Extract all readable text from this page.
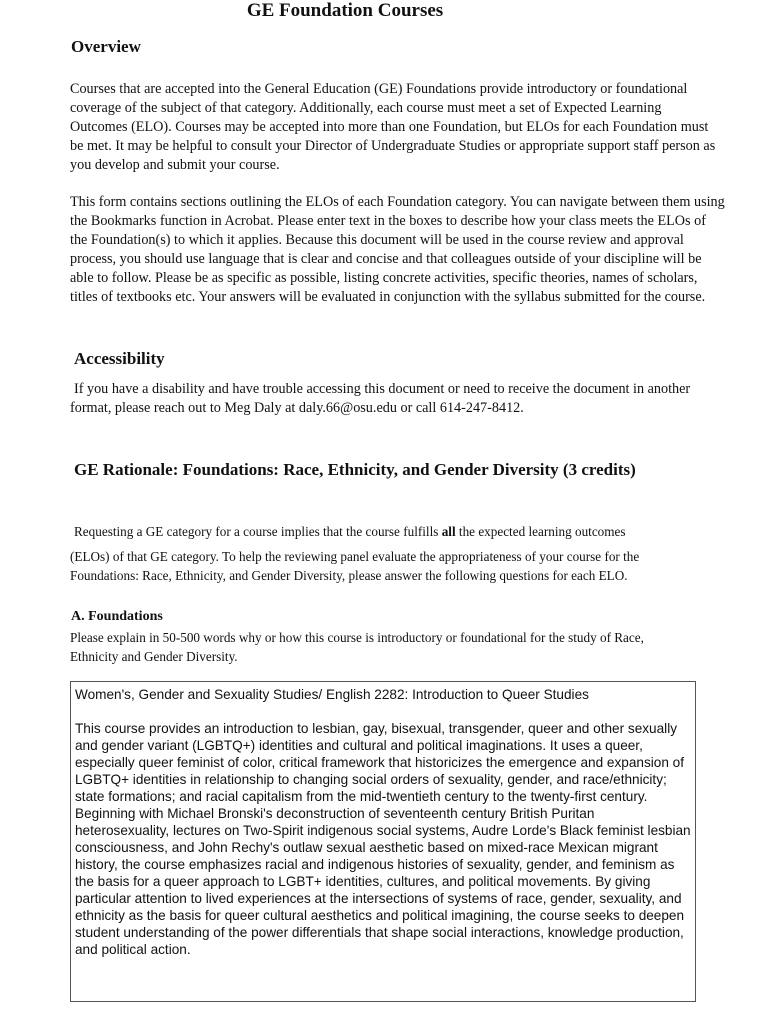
GE Foundation Courses
Overview
Courses that are accepted into the General Education (GE) Foundations provide introductory or foundational coverage of the subject of that category. Additionally, each course must meet a set of Expected Learning Outcomes (ELO). Courses may be accepted into more than one Foundation, but ELOs for each Foundation must be met. It may be helpful to consult your Director of Undergraduate Studies or appropriate support staff person as you develop and submit your course.
This form contains sections outlining the ELOs of each Foundation category. You can navigate between them using the Bookmarks function in Acrobat. Please enter text in the boxes to describe how your class meets the ELOs of the Foundation(s) to which it applies. Because this document will be used in the course review and approval process, you should use language that is clear and concise and that colleagues outside of your discipline will be able to follow. Please be as specific as possible, listing concrete activities, specific theories, names of scholars, titles of textbooks etc. Your answers will be evaluated in conjunction with the syllabus submitted for the course.
Accessibility
If you have a disability and have trouble accessing this document or need to receive the document in another format, please reach out to Meg Daly at daly.66@osu.edu or call 614-247-8412.
GE Rationale: Foundations: Race, Ethnicity, and Gender Diversity (3 credits)
Requesting a GE category for a course implies that the course fulfills all the expected learning outcomes
(ELOs) of that GE category. To help the reviewing panel evaluate the appropriateness of your course for the Foundations: Race, Ethnicity, and Gender Diversity, please answer the following questions for each ELO.
A. Foundations
Please explain in 50-500 words why or how this course is introductory or foundational for the study of Race, Ethnicity and Gender Diversity.

Women's, Gender and Sexuality Studies/ English 2282: Introduction to Queer Studies

This course provides an introduction to lesbian, gay, bisexual, transgender, queer and other sexually and gender variant (LGBTQ+) identities and cultural and political imaginations. It uses a queer, especially queer feminist of color, critical framework that historicizes the emergence and expansion of LGBTQ+ identities in relationship to changing social orders of sexuality, gender, and race/ethnicity; state formations; and racial capitalism from the mid-twentieth century to the twenty-first century. Beginning with Michael Bronski's deconstruction of seventeenth century British Puritan heterosexuality, lectures on Two-Spirit indigenous social systems, Audre Lorde's Black feminist lesbian consciousness, and John Rechy's outlaw sexual aesthetic based on mixed-race Mexican migrant history, the course emphasizes racial and indigenous histories of sexuality, gender, and feminism as the basis for a queer approach to LGBT+ identities, cultures, and political movements. By giving particular attention to lived experiences at the intersections of systems of race, gender, sexuality, and ethnicity as the basis for queer cultural aesthetics and political imagining, the course seeks to deepen student understanding of the power differentials that shape social interactions, knowledge production, and political action.
